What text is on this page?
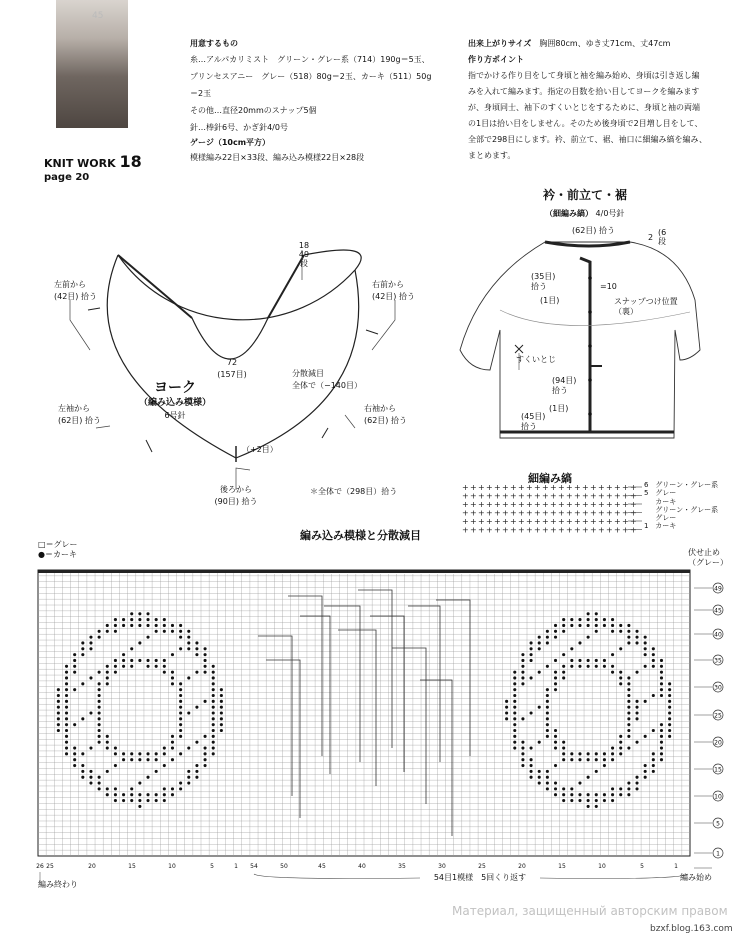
45
KNIT WORK 18
page 20
用意するもの
糸…アルパカリミスト　グリーン・グレー系（714）190g＝5玉、
プリンセスアニー　グレー（518）80g＝2玉、カーキ（511）50g
＝2玉
その他…直径20mmのスナップ5個
針…棒針6号、かぎ針4/0号
ゲージ（10cm平方）
模様編み22目×33段、編み込み模様22目×28段
出来上がりサイズ　 胸囲80cm、ゆき丈71cm、丈47cm
作り方ポイント
指でかける作り目をして身頃と袖を編み始め、身頃は引き返し編
みを入れて編みます。指定の目数を拾い目してヨークを編みます
が、身頃同士、袖下のすくいとじをするために、身頃と袖の両端
の1目は拾い目をしません。そのため後身頃で2目増し目をして、
全部で298目にします。衿、前立て、裾、袖口に細編み縞を編み、
まとめます。
18
49
段
左前から
(42目) 拾う
右前から
(42目) 拾う
72
(157目)	分散減目
全体で（−140目）
ヨーク
（編み込み模様）
6号針
左袖から
(62目) 拾う
右袖から
(62目) 拾う
（+2目）
後ろから
(90目) 拾う
＊全体で（298目）拾う
衿・前立て・裾
（細編み縞） 4/0号針
(62目) 拾う
2
(6
段
(35目)
拾う
(1目)
=10
スナップつけ位置
（裏）
すくいとじ
(94目)
拾う
(1目)
(45目)
拾う
細編み縞
+ + + + + + + + + + + + + + + + + + + + + +
+ + + + + + + + + + + + + + + + + + + + + +
+ + + + + + + + + + + + + + + + + + + + + +
+ + + + + + + + + + + + + + + + + + + + + +
+ + + + + + + + + + + + + + + + + + + + + +
+ + + + + + + + + + + + + + + + + + + + + +
6 グリーン・グレー系
5 グレー
カーキ
グリーン・グレー系
グレー
1 カーキ
編み込み模様と分散減目
□＝グレー
●＝カーキ	伏せ止め
（グレー）
49
45
40
35
30
25
20
15
10
5
1
26 25	20	15	10	5	1 54	50	45	40	35	30	25	20	15	10	5	1
54目1模様　5回くり返す
編み終わり
編み始め
Материал, защищенный авторским правом
bzxf.blog.163.com
